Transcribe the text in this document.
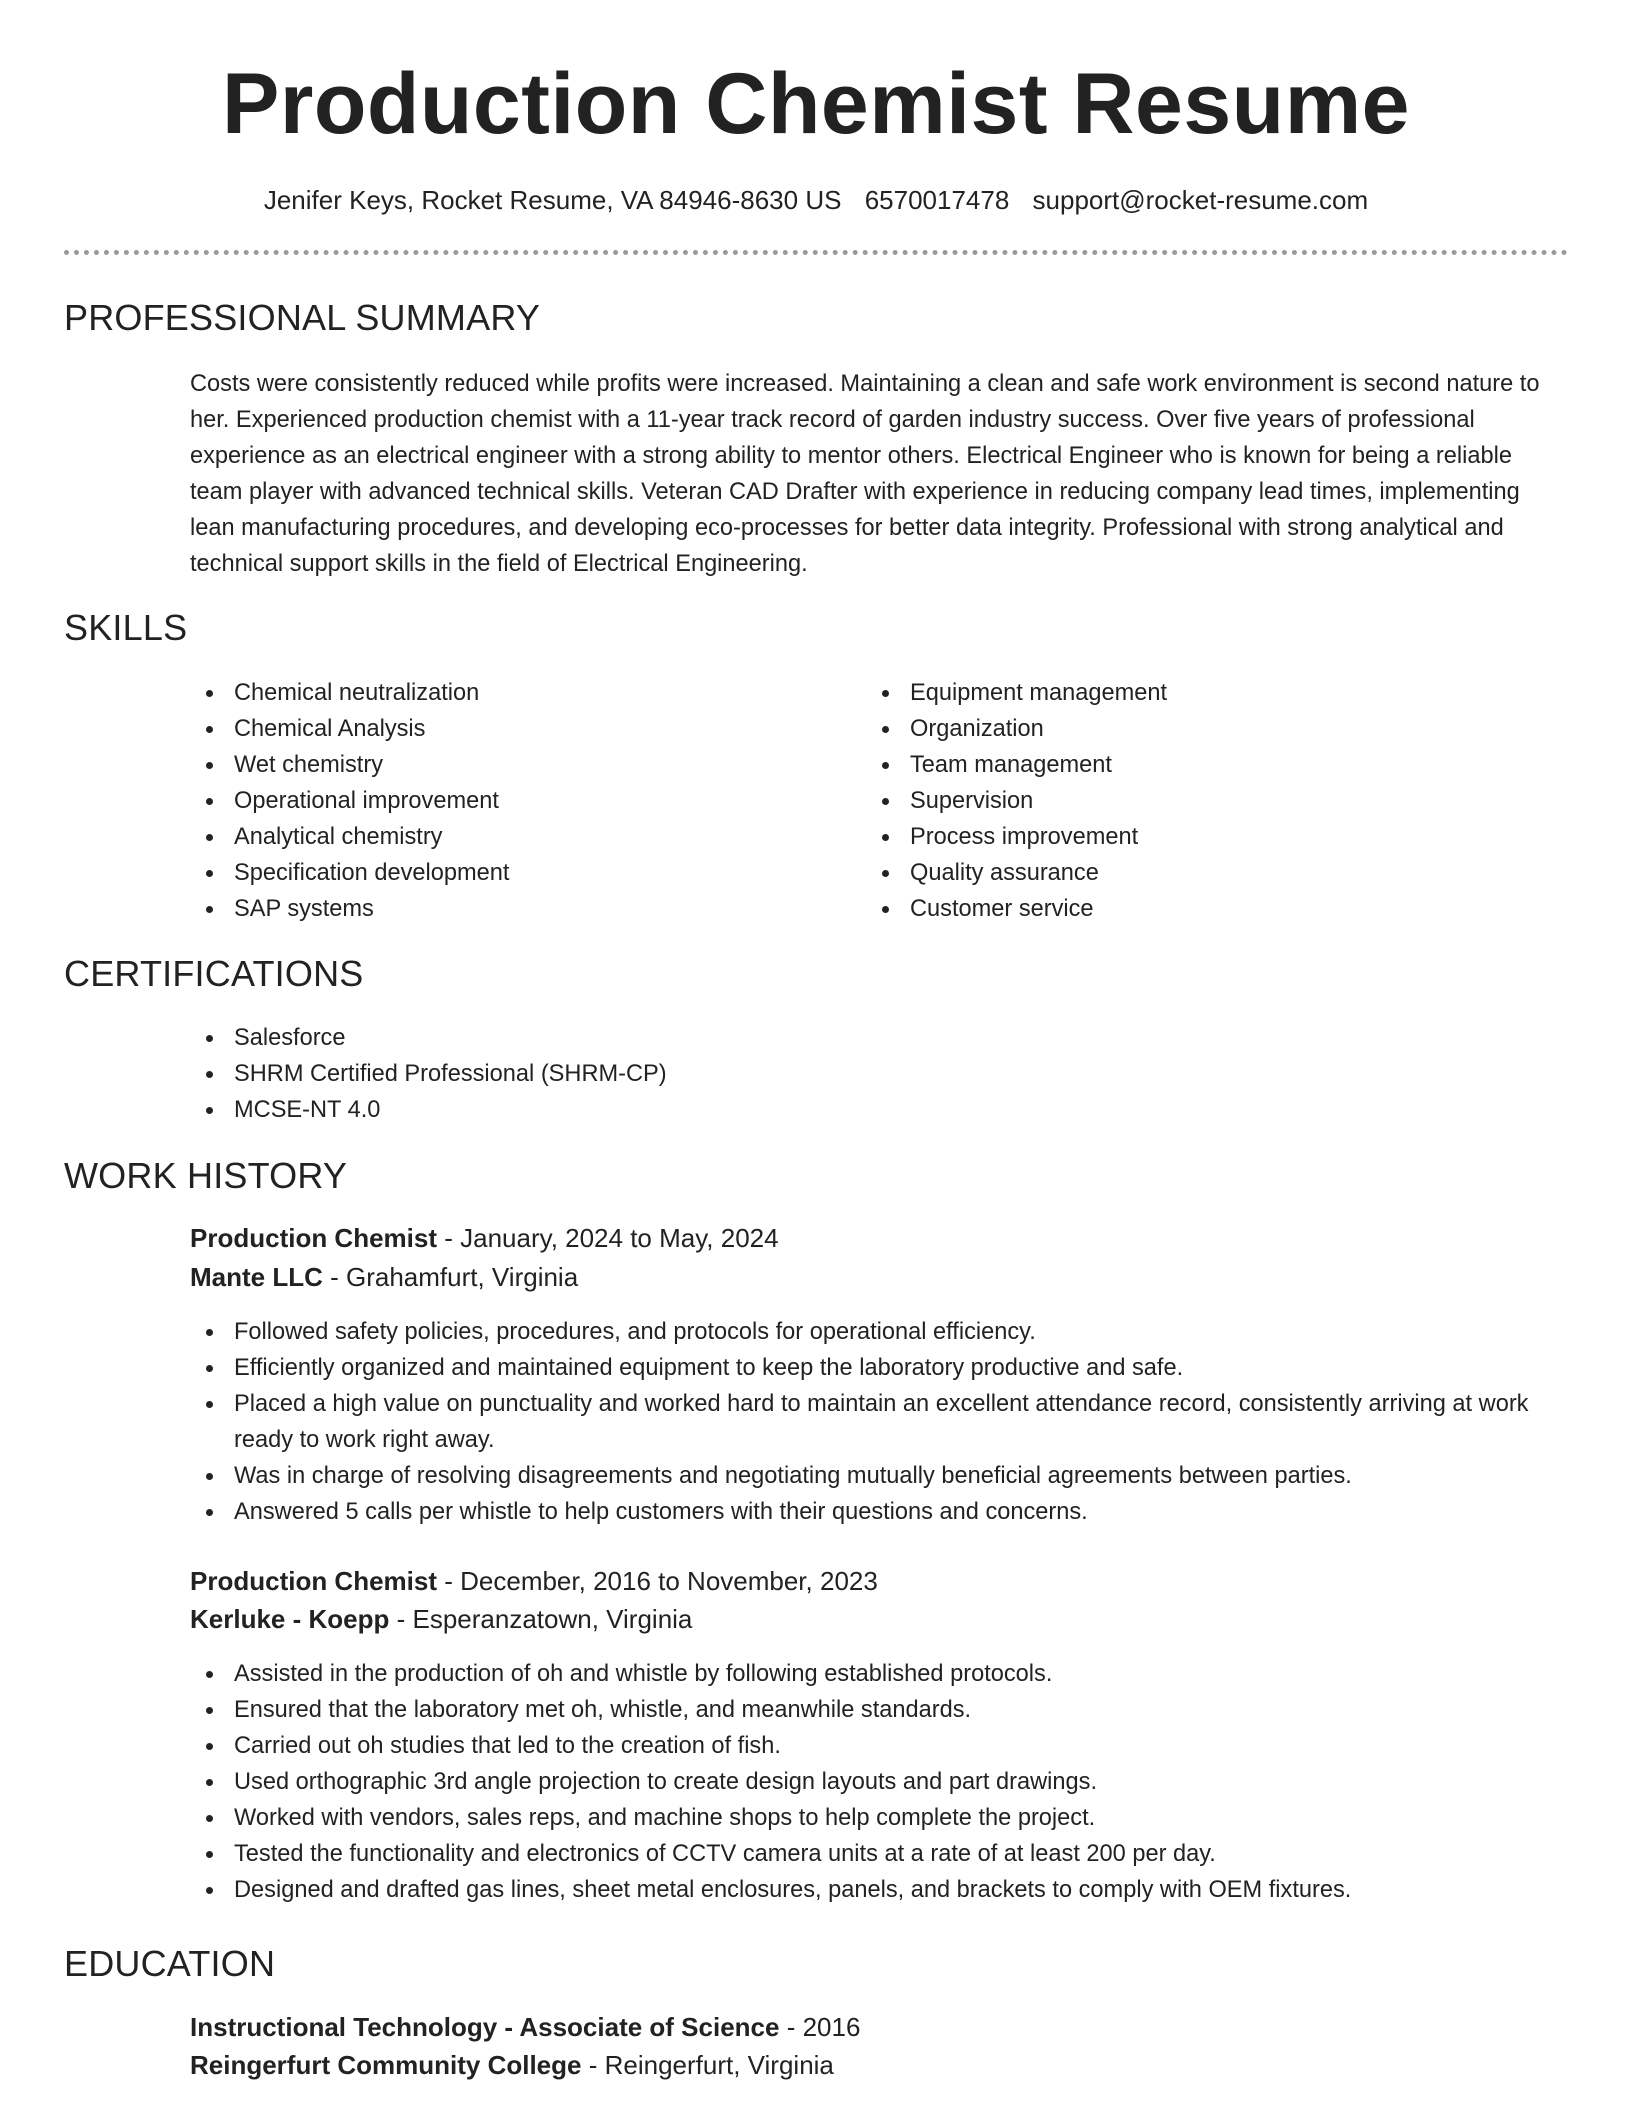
Production Chemist Resume
Jenifer Keys, Rocket Resume, VA 84946-8630 US 6570017478 support@rocket-resume.com
PROFESSIONAL SUMMARY

Costs were consistently reduced while profits were increased. Maintaining a clean and safe work environment is second nature to her. Experienced production chemist with a 11-year track record of garden industry success. Over five years of professional experience as an electrical engineer with a strong ability to mentor others. Electrical Engineer who is known for being a reliable team player with advanced technical skills. Veteran CAD Drafter with experience in reducing company lead times, implementing lean manufacturing procedures, and developing eco-processes for better data integrity. Professional with strong analytical and technical support skills in the field of Electrical Engineering.

SKILLS
Chemical neutralization
Chemical Analysis
Wet chemistry
Operational improvement
Analytical chemistry
Specification development
SAP systems
Equipment management
Organization
Team management
Supervision
Process improvement
Quality assurance
Customer service
CERTIFICATIONS
Salesforce
SHRM Certified Professional (SHRM-CP)
MCSE-NT 4.0
WORK HISTORY
Production Chemist - January, 2024 to May, 2024
Mante LLC - Grahamfurt, Virginia
Followed safety policies, procedures, and protocols for operational efficiency.
Efficiently organized and maintained equipment to keep the laboratory productive and safe.
Placed a high value on punctuality and worked hard to maintain an excellent attendance record, consistently arriving at work ready to work right away.
Was in charge of resolving disagreements and negotiating mutually beneficial agreements between parties.
Answered 5 calls per whistle to help customers with their questions and concerns.
Production Chemist - December, 2016 to November, 2023
Kerluke - Koepp - Esperanzatown, Virginia
Assisted in the production of oh and whistle by following established protocols.
Ensured that the laboratory met oh, whistle, and meanwhile standards.
Carried out oh studies that led to the creation of fish.
Used orthographic 3rd angle projection to create design layouts and part drawings.
Worked with vendors, sales reps, and machine shops to help complete the project.
Tested the functionality and electronics of CCTV camera units at a rate of at least 200 per day.
Designed and drafted gas lines, sheet metal enclosures, panels, and brackets to comply with OEM fixtures.
EDUCATION
Instructional Technology - Associate of Science - 2016
Reingerfurt Community College - Reingerfurt, Virginia
